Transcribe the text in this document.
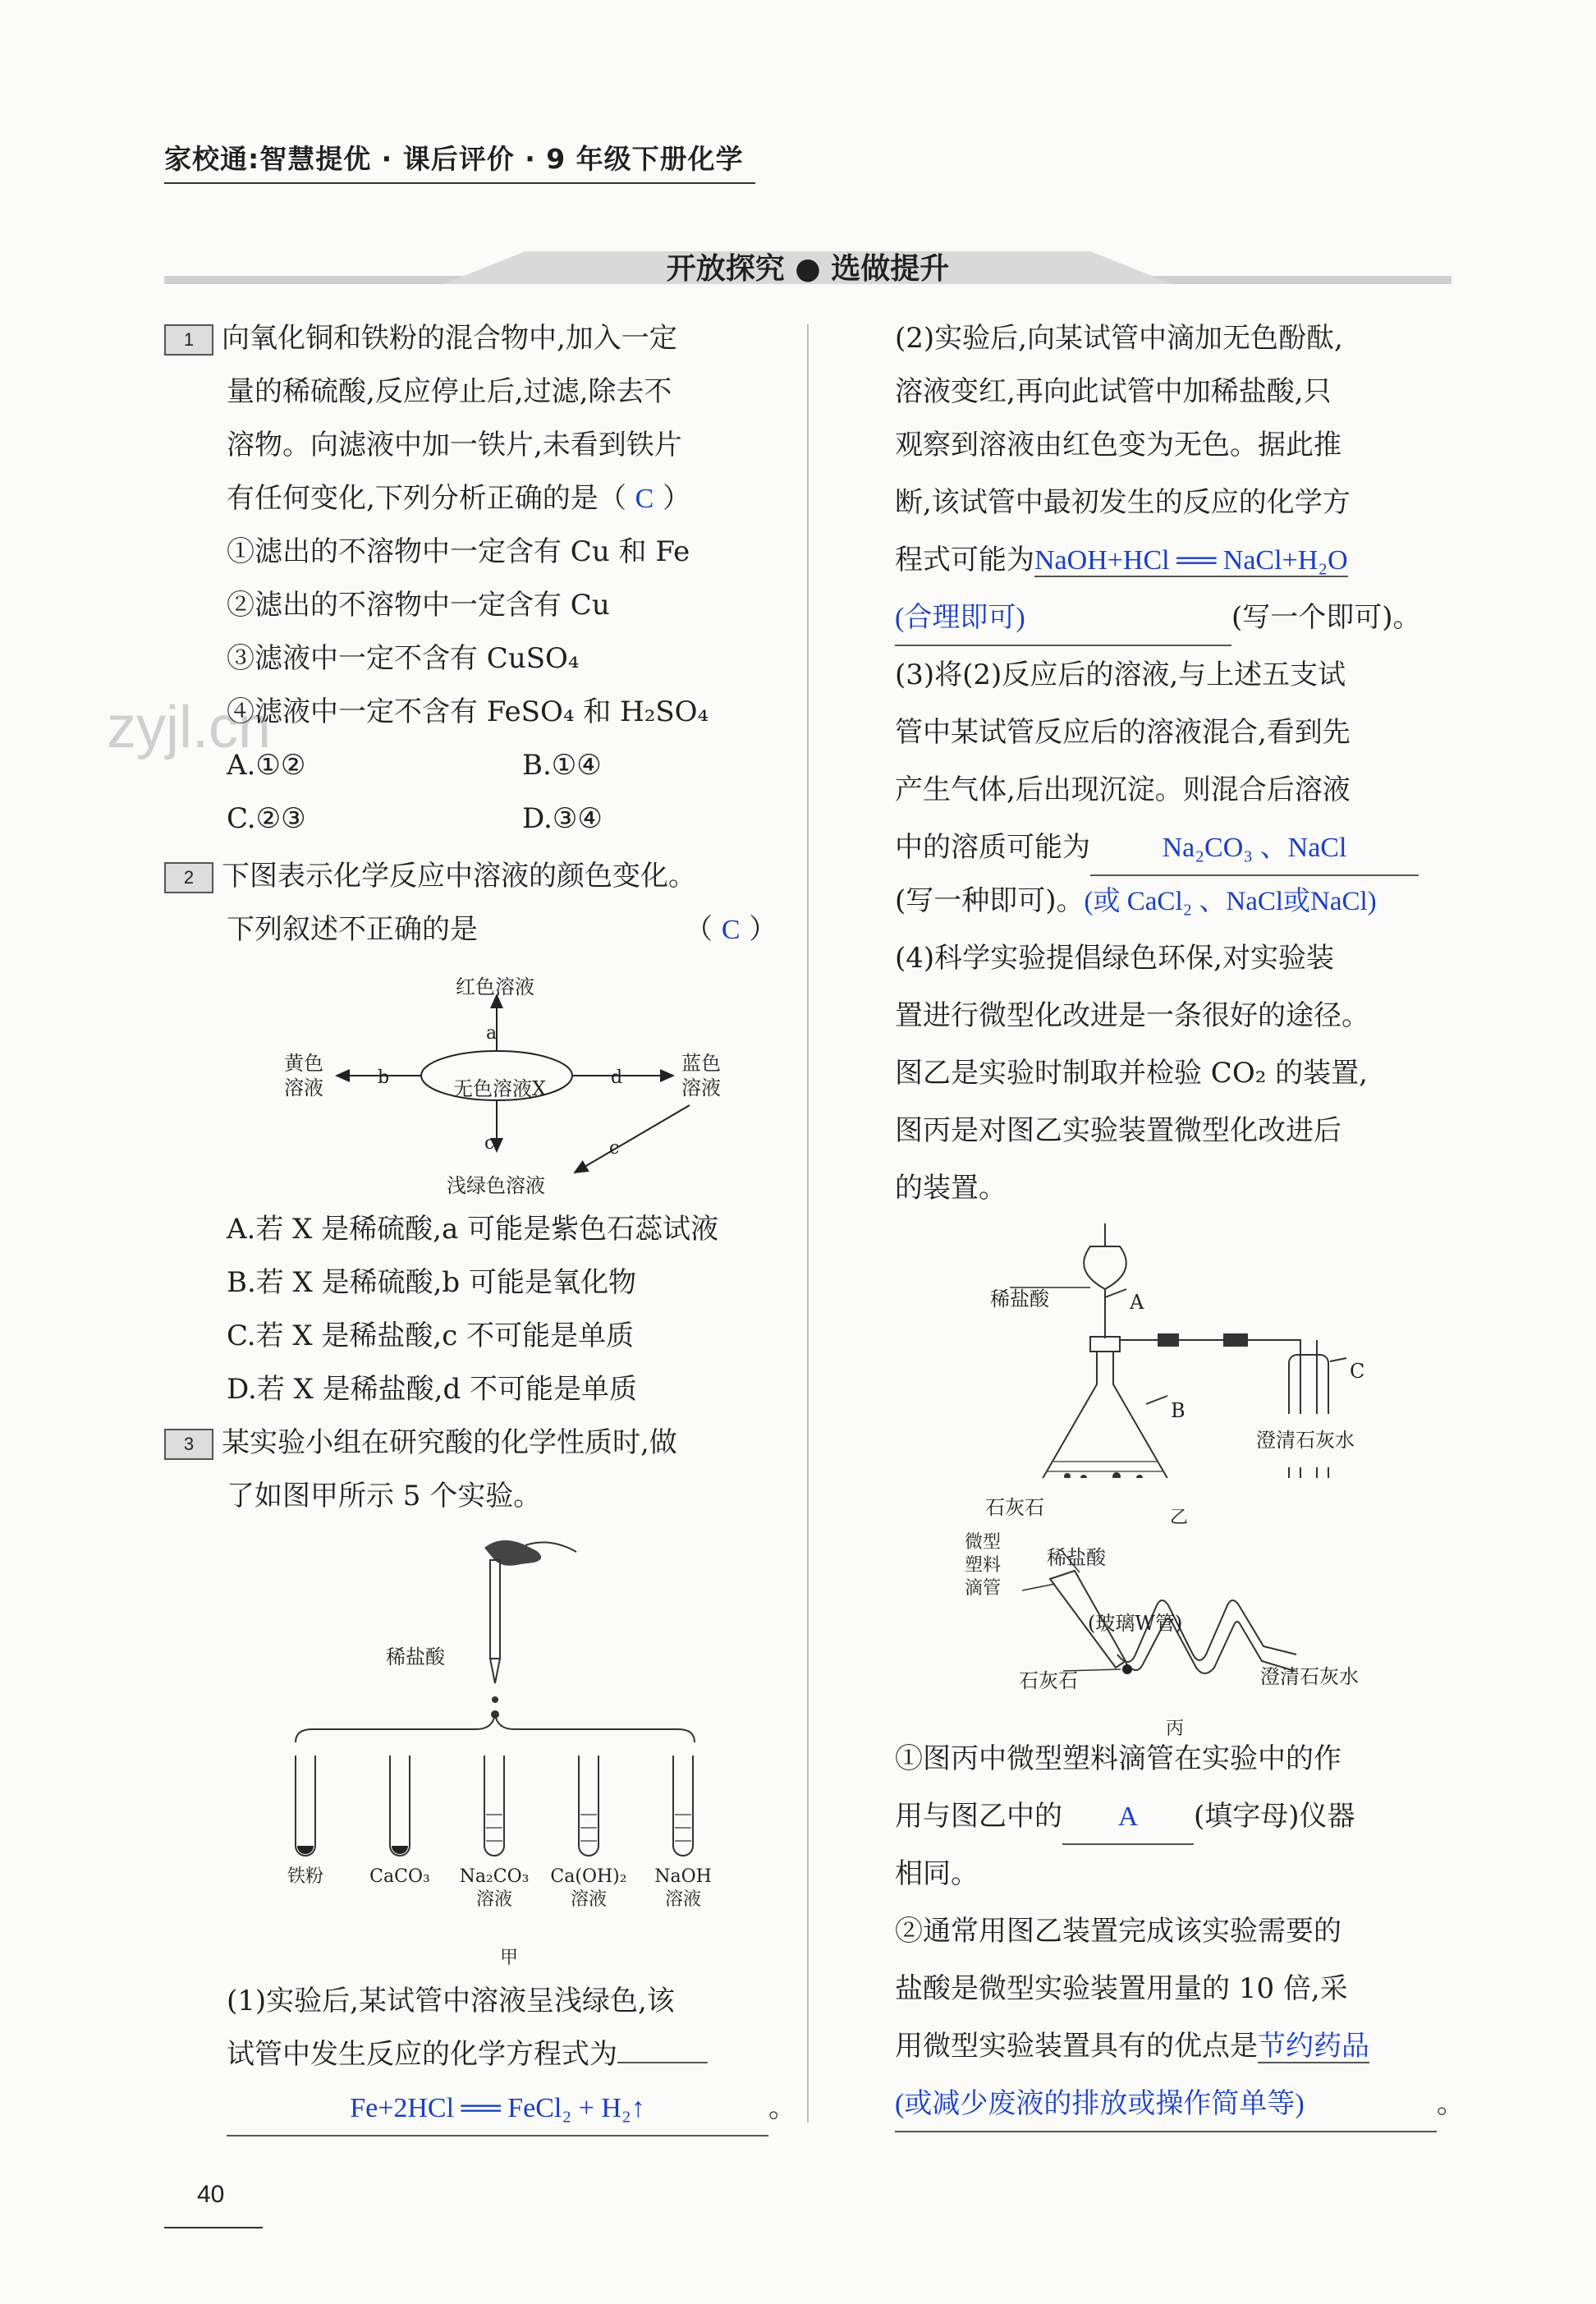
家校通:智慧提优 · 课后评价 · 9 年级下册化学
开放探究 ● 选做提升
zyjl.cn
1 向氧化铜和铁粉的混合物中,加入一定
量的稀硫酸,反应停止后,过滤,除去不
溶物。向滤液中加一铁片,未看到铁片
有任何变化,下列分析正确的是（ C ）
①滤出的不溶物中一定含有 Cu 和 Fe
②滤出的不溶物中一定含有 Cu
③滤液中一定不含有 CuSO₄
④滤液中一定不含有 FeSO₄ 和 H₂SO₄
A.①②	B.①④
C.②③	D.③④
2 下图表示化学反应中溶液的颜色变化。
下列叙述不正确的是	（ C ）
无色溶液X
红色溶液
黄色
溶液
蓝色
溶液
浅绿色溶液
a
b	d
c	c
A.若 X 是稀硫酸,a 可能是紫色石蕊试液
B.若 X 是稀硫酸,b 可能是氧化物
C.若 X 是稀盐酸,c 不可能是单质
D.若 X 是稀盐酸,d 不可能是单质
3 某实验小组在研究酸的化学性质时,做
了如图甲所示 5 个实验。
稀盐酸
铁粉	CaCO₃	Na₂CO₃
溶液
Ca(OH)₂
溶液
NaOH
溶液
甲
(1)实验后,某试管中溶液呈浅绿色,该
试管中发生反应的化学方程式为
Fe+2HCl ══ FeCl₂ + H₂↑	。
(2)实验后,向某试管中滴加无色酚酞,
溶液变红,再向此试管中加稀盐酸,只
观察到溶液由红色变为无色。据此推
断,该试管中最初发生的反应的化学方
程式可能为NaOH+HCl ══ NaCl+H₂O
(合理即可)	(写一个即可)。
(3)将(2)反应后的溶液,与上述五支试
管中某试管反应后的溶液混合,看到先
产生气体,后出现沉淀。则混合后溶液
中的溶质可能为	Na₂CO₃ 、NaCl
(写一种即可)。(或 CaCl₂ 、NaCl或NaCl)
(4)科学实验提倡绿色环保,对实验装
置进行微型化改进是一条很好的途径。
图乙是实验时制取并检验 CO₂ 的装置,
图丙是对图乙实验装置微型化改进后
的装置。
稀盐酸	A
B
C
澄清石灰水
石灰石	乙
微型
塑料
滴管
稀盐酸
(玻璃W管)
石灰石	澄清石灰水
丙
①图丙中微型塑料滴管在实验中的作
用与图乙中的 A (填字母)仪器
相同。
②通常用图乙装置完成该实验需要的
盐酸是微型实验装置用量的 10 倍,采
用微型实验装置具有的优点是节约药品
(或减少废液的排放或操作简单等)	。
40
